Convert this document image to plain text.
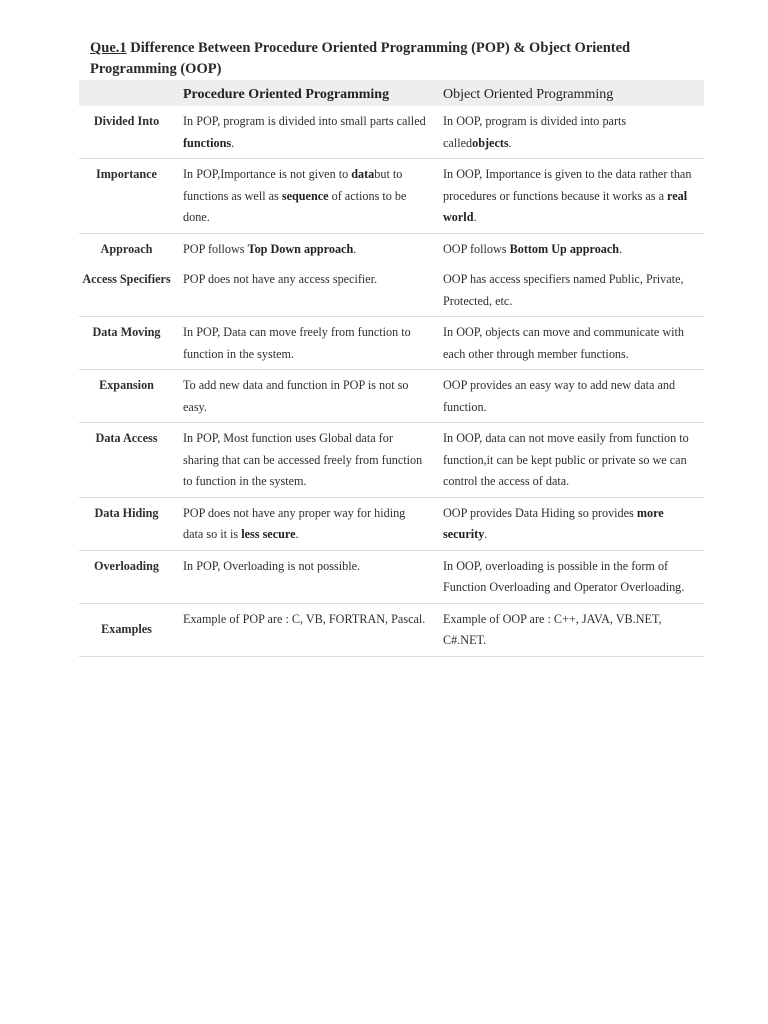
Que.1 Difference Between Procedure Oriented Programming (POP) & Object Oriented Programming (OOP)
	Procedure Oriented Programming	Object Oriented Programming
Divided Into	In POP, program is divided into small parts called functions.	In OOP, program is divided into parts calledobjects.
Importance	In POP,Importance is not given to databut to functions as well as sequence of actions to be done.	In OOP, Importance is given to the data rather than procedures or functions because it works as a real world.
Approach	POP follows Top Down approach.	OOP follows Bottom Up approach.
Access Specifiers	POP does not have any access specifier.	OOP has access specifiers named Public, Private, Protected, etc.
Data Moving	In POP, Data can move freely from function to function in the system.	In OOP, objects can move and communicate with each other through member functions.
Expansion	To add new data and function in POP is not so easy.	OOP provides an easy way to add new data and function.
Data Access	In POP, Most function uses Global data for sharing that can be accessed freely from function to function in the system.	In OOP, data can not move easily from function to function,it can be kept public or private so we can control the access of data.
Data Hiding	POP does not have any proper way for hiding data so it is less secure.	OOP provides Data Hiding so provides more security.
Overloading	In POP, Overloading is not possible.	In OOP, overloading is possible in the form of Function Overloading and Operator Overloading.
Examples	Example of POP are : C, VB, FORTRAN, Pascal.	Example of OOP are : C++, JAVA, VB.NET, C#.NET.
